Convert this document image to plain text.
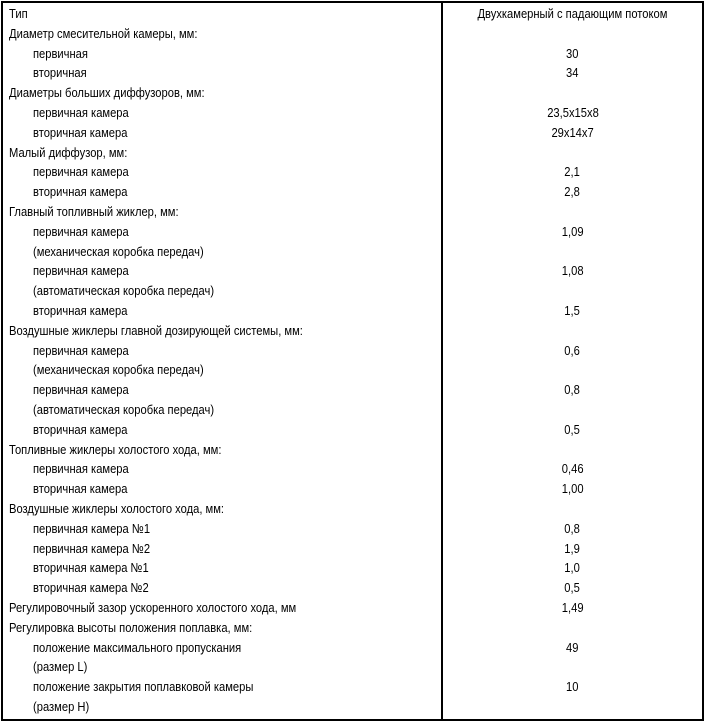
Тип	Двухкамерный с падающим потоком
Диаметр смесительной камеры, мм:
первичная	30
вторичная	34
Диаметры больших диффузоров, мм:
первичная камера	23,5x15x8
вторичная камера	29x14x7
Малый диффузор, мм:
первичная камера	2,1
вторичная камера	2,8
Главный топливный жиклер, мм:
первичная камера	1,09
(механическая коробка передач)
первичная камера	1,08
(автоматическая коробка передач)
вторичная камера	1,5
Воздушные жиклеры главной дозирующей системы, мм:
первичная камера	0,6
(механическая коробка передач)
первичная камера	0,8
(автоматическая коробка передач)
вторичная камера	0,5
Топливные жиклеры холостого хода, мм:
первичная камера	0,46
вторичная камера	1,00
Воздушные жиклеры холостого хода, мм:
первичная камера №1	0,8
первичная камера №2	1,9
вторичная камера №1	1,0
вторичная камера №2	0,5
Регулировочный зазор ускоренного холостого хода, мм	1,49
Регулировка высоты положения поплавка, мм:
положение максимального пропускания	49
(размер L)
положение закрытия поплавковой камеры	10
(размер H)
